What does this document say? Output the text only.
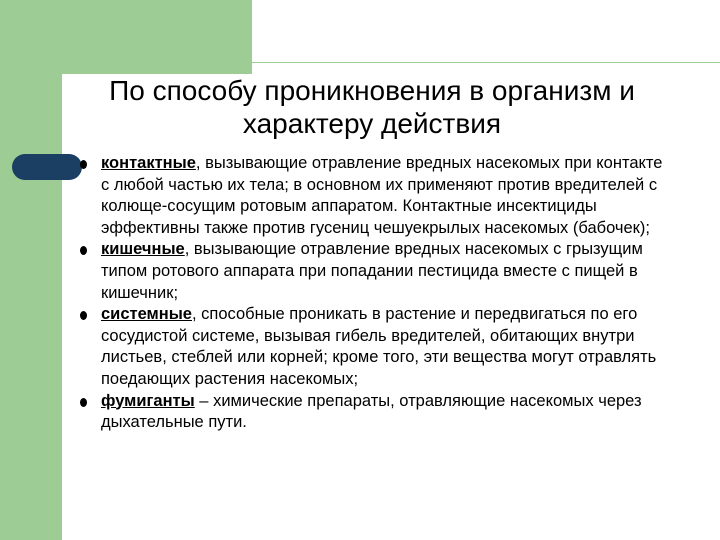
По способу проникновения в организм и характеру действия
контактные, вызывающие отравление вредных насекомых при контакте с любой частью их тела; в основном их применяют против вредителей с колюще-сосущим ротовым аппаратом. Контактные инсектициды эффективны также против гусениц чешуекрылых насекомых (бабочек);
кишечные, вызывающие отравление вредных насекомых с грызущим типом ротового аппарата при попадании пестицида вместе с пищей в кишечник;
системные, способные проникать в растение и передвигаться по его сосудистой системе, вызывая гибель вредителей, обитающих внутри листьев, стеблей или корней; кроме того, эти вещества могут отравлять поедающих растения насекомых;
фумиганты – химические препараты, отравляющие насекомых через дыхательные пути.
